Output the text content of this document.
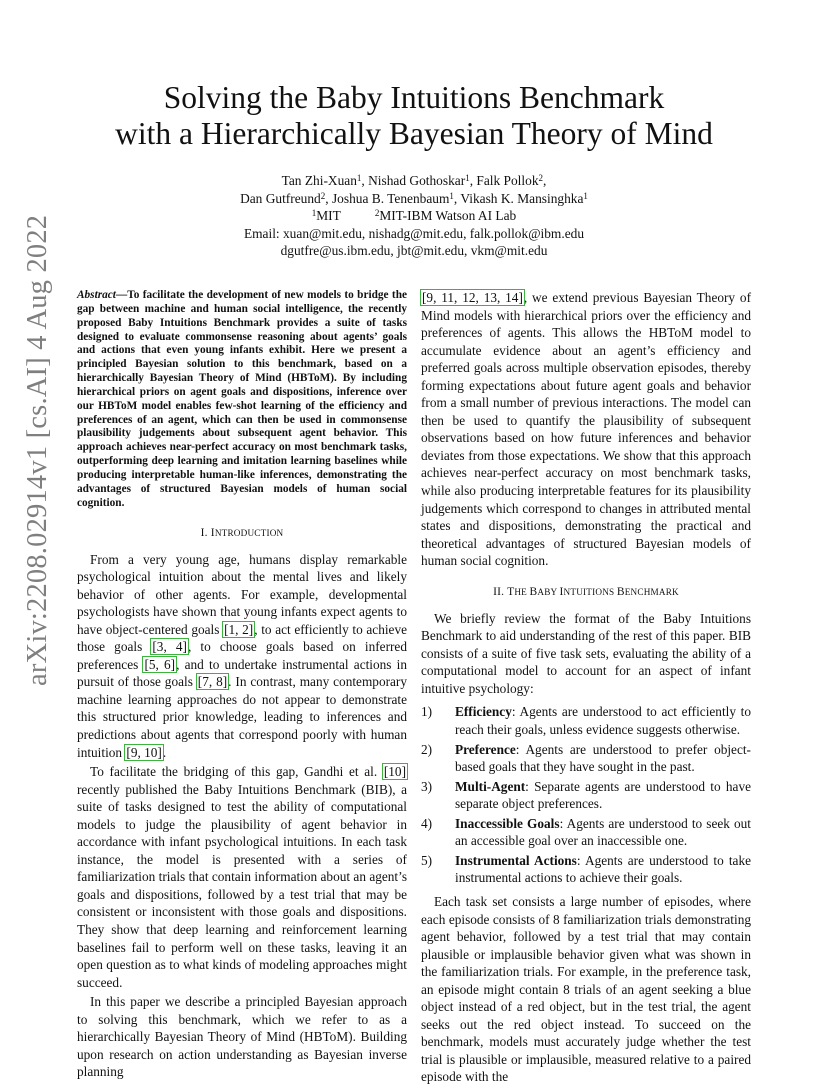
Solving the Baby Intuitions Benchmark
with a Hierarchically Bayesian Theory of Mind
Tan Zhi-Xuan$^1$, Nishad Gothoskar$^1$, Falk Pollok$^2$,
Dan Gutfreund$^2$, Joshua B. Tenenbaum$^1$, Vikash K. Mansinghka$^1$
$^1$MIT	$^2$MIT-IBM Watson AI Lab
Email: xuan@mit.edu, nishadg@mit.edu, falk.pollok@ibm.edu
dgutfre@us.ibm.edu, jbt@mit.edu, vkm@mit.edu
arXiv:2208.02914v1 [cs.AI] 4 Aug 2022 Abstract—To facilitate the development of new models to bridge the gap between machine and human social intelligence, the recently proposed Baby Intuitions Benchmark provides a suite of tasks designed to evaluate commonsense reasoning about agents’ goals and actions that even young infants exhibit. Here we present a principled Bayesian solution to this benchmark, based on a hierarchically Bayesian Theory of Mind (HBToM). By including hierarchical priors on agent goals and dispositions, inference over our HBToM model enables few-shot learning of the efficiency and preferences of an agent, which can then be used in commonsense plausibility judgements about subsequent agent behavior. This approach achieves near-perfect accuracy on most benchmark tasks, outperforming deep learning and imitation learning baselines while producing interpretable human-like inferences, demonstrating the advantages of structured Bayesian models of human social cognition.

I. INTRODUCTION

From a very young age, humans display remarkable psychological intuition about the mental lives and likely behavior of other agents. For example, developmental psychologists have shown that young infants expect agents to have object-centered goals [1, 2], to act efficiently to achieve those goals [3, 4], to choose goals based on inferred preferences [5, 6], and to undertake instrumental actions in pursuit of those goals [7, 8]. In contrast, many contemporary machine learning approaches do not appear to demonstrate this structured prior knowledge, leading to inferences and predictions about agents that correspond poorly with human intuition [9, 10].

To facilitate the bridging of this gap, Gandhi et al. [10] recently published the Baby Intuitions Benchmark (BIB), a suite of tasks designed to test the ability of computational models to judge the plausibility of agent behavior in accordance with infant psychological intuitions. In each task instance, the model is presented with a series of familiarization trials that contain information about an agent’s goals and dispositions, followed by a test trial that may be consistent or inconsistent with those goals and dispositions. They show that deep learning and reinforcement learning baselines fail to perform well on these tasks, leaving it an open question as to what kinds of modeling approaches might succeed.

In this paper we describe a principled Bayesian approach to solving this benchmark, which we refer to as a hierarchically Bayesian Theory of Mind (HBToM). Building upon research on action understanding as Bayesian inverse planning

[9, 11, 12, 13, 14], we extend previous Bayesian Theory of Mind models with hierarchical priors over the efficiency and preferences of agents. This allows the HBToM model to accumulate evidence about an agent’s efficiency and preferred goals across multiple observation episodes, thereby forming expectations about future agent goals and behavior from a small number of previous interactions. The model can then be used to quantify the plausibility of subsequent observations based on how future inferences and behavior deviates from those expectations. We show that this approach achieves near-perfect accuracy on most benchmark tasks, while also producing interpretable features for its plausibility judgements which correspond to changes in attributed mental states and dispositions, demonstrating the practical and theoretical advantages of structured Bayesian models of human social cognition.

II. THE BABY INTUITIONS BENCHMARK

We briefly review the format of the Baby Intuitions Benchmark to aid understanding of the rest of this paper. BIB consists of a suite of five task sets, evaluating the ability of a computational model to account for an aspect of infant intuitive psychology:

1) Efficiency: Agents are understood to act efficiently to reach their goals, unless evidence suggests otherwise.
2) Preference: Agents are understood to prefer object-based goals that they have sought in the past.
3) Multi-Agent: Separate agents are understood to have separate object preferences.
4) Inaccessible Goals: Agents are understood to seek out an accessible goal over an inaccessible one.
5) Instrumental Actions: Agents are understood to take instrumental actions to achieve their goals.

Each task set consists a large number of episodes, where each episode consists of 8 familiarization trials demonstrating agent behavior, followed by a test trial that may contain plausible or implausible behavior given what was shown in the familiarization trials. For example, in the preference task, an episode might contain 8 trials of an agent seeking a blue object instead of a red object, but in the test trial, the agent seeks out the red object instead. To succeed on the benchmark, models must accurately judge whether the test trial is plausible or implausible, measured relative to a paired episode with the
